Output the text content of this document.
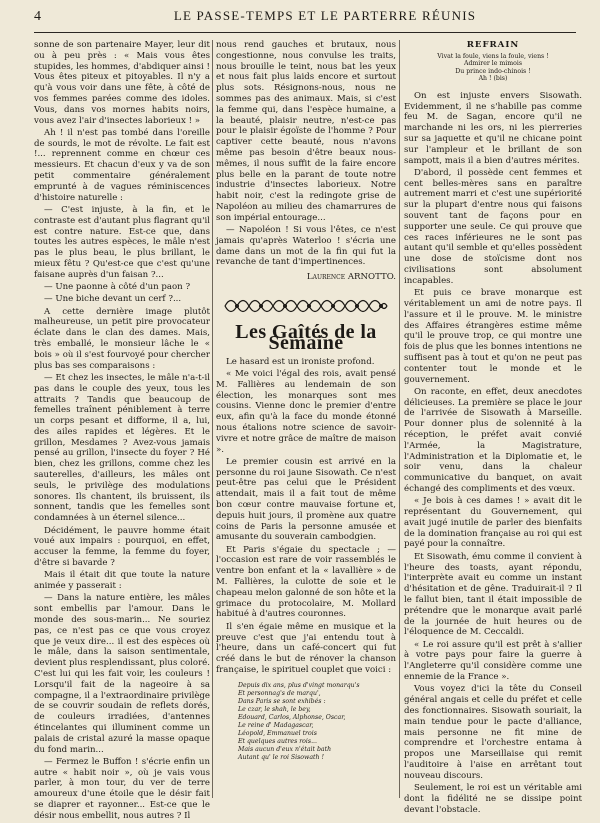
4	LE PASSE-TEMPS ET LE PARTERRE RÉUNIS

sonne de son partenaire Mayer, leur dit ou à peu près : « Mais vous êtes stupides, les hommes, d'abdiquer ainsi ! Vous êtes piteux et pitoyables. Il n'y a qu'à vous voir dans une fête, à côté de vos femmes parées comme des idoles. Vous, dans vos mornes habits noirs, vous avez l'air d'insectes laborieux ! »

Ah ! il n'est pas tombé dans l'oreille de sourds, le mot de révolte. Le fait est !... reprennent comme en chœur ces messieurs. Et chacun d'eux y va de son petit commentaire généralement emprunté à de vagues réminiscences d'histoire naturelle :

— C'est injuste, à la fin, et le contraste est d'autant plus flagrant qu'il est contre nature. Est-ce que, dans toutes les autres espèces, le mâle n'est pas le plus beau, le plus brillant, le mieux fêtu ? Qu'est-ce que c'est qu'une faisane auprès d'un faisan ?...

— Une paonne à côté d'un paon ?

— Une biche devant un cerf ?...

A cette dernière image plutôt malheureuse, un petit pire provocateur éclate dans le clan des dames. Mais, très emballé, le monsieur lâche le « bois » où il s'est fourvoyé pour chercher plus bas ses comparaisons :

— Et chez les insectes, le mâle n'a-t-il pas dans le couple des yeux, tous les attraits ? Tandis que beaucoup de femelles traînent péniblement à terre un corps pesant et difforme, il a, lui, des ailes rapides et légères. Et le grillon, Mesdames ? Avez-vous jamais pensé au grillon, l'insecte du foyer ? Hé bien, chez les grillons, comme chez les sauterelles, d'ailleurs, les mâles ont seuls, le privilège des modulations sonores. Ils chantent, ils bruissent, ils sonnent, tandis que les femelles sont condamnées à un éternel silence...

Décidément, le pauvre homme était voué aux impairs : pourquoi, en effet, accuser la femme, la femme du foyer, d'être si bavarde ?

Mais il était dit que toute la nature animée y passerait :

— Dans la nature entière, les mâles sont embellis par l'amour. Dans le monde des sous-marin... Ne souriez pas, ce n'est pas ce que vous croyez que je veux dire... il est des espèces où le mâle, dans la saison sentimentale, devient plus resplendissant, plus coloré. C'est lui qui les fait voir, les couleurs ! Lorsqu'il fait de la nageoire à sa compagne, il a l'extraordinaire privilège de se couvrir soudain de reflets dorés, de couleurs irradiées, d'antennes étincelantes qui illuminent comme un palais de cristal azuré la masse opaque du fond marin...

— Fermez le Buffon ! s'écrie enfin un autre « habit noir », où je vais vous parler, à mon tour, du ver de terre amoureux d'une étoile que le désir fait se diaprer et rayonner... Est-ce que le désir nous embellit, nous autres ? Il

nous rend gauches et brutaux, nous congestionne, nous convulse les traits, nous brouille le teint, nous bat les yeux et nous fait plus laids encore et surtout plus sots. Résignons-nous, nous ne sommes pas des animaux. Mais, si c'est la femme qui, dans l'espèce humaine, a la beauté, plaisir neutre, n'est-ce pas pour le plaisir égoïste de l'homme ? Pour captiver cette beauté, nous n'avons même pas besoin d'être beaux nous-mêmes, il nous suffit de la faire encore plus belle en la parant de toute notre industrie d'insectes laborieux. Notre habit noir, c'est la redingote grise de Napoléon au milieu des chamarrures de son impérial entourage...

— Napoléon ! Si vous l'êtes, ce n'est jamais qu'après Waterloo ! s'écria une dame dans un mot de la fin qui fut la revanche de tant d'impertinences.

Laurence ARNOTTO.
Les Gaîtés de la Semaine

Le hasard est un ironiste profond.

« Me voici l'égal des rois, avait pensé M. Fallières au lendemain de son élection, les monarques sont mes cousins. Vienne donc le premier d'entre eux, afin qu'à la face du monde étonné nous étalions notre science de savoir-vivre et notre grâce de maître de maison ».

Le premier cousin est arrivé en la personne du roi jaune Sisowath. Ce n'est peut-être pas celui que le Président attendait, mais il a fait tout de même bon cœur contre mauvaise fortune et, depuis huit jours, il promène aux quatre coins de Paris la personne amusée et amusante du souverain cambodgien.

Et Paris s'égaie du spectacle ; — l'occasion est rare de voir rassemblés le ventre bon enfant et la « lavallière » de M. Fallières, la culotte de soie et le chapeau melon galonné de son hôte et la grimace du protocolaire, M. Mollard habitué à d'autres couronnes.

Il s'en égaie même en musique et la preuve c'est que j'ai entendu tout à l'heure, dans un café-concert qui fut créé dans le but de rénover la chanson française, le spirituel couplet que voici :

Depuis dix ans, plus d'vingt monarqu's
Et personnag's de marqu',
Dans Paris se sont exhibés :
Le czar, le shah, le bey,
Edouard, Carlos, Alphonse, Oscar,
Le reine d' Madagascar,
Léopold, Emmanuel trois
Et quelques autres rois...
Mais aucun d'eux n'était bath
Autant qu' le roi Sisowath !
REFRAIN
Vivat la foule, viens la foule, viens !
Admirer le mimois
Du prince indo-chinois !
Ah ! (bis)

On est injuste envers Sisowath. Evidemment, il ne s'habille pas comme feu M. de Sagan, encore qu'il ne marchande ni les ors, ni les pierreries sur sa jaquette et qu'il ne chicane point sur l'ampleur et le brillant de son sampott, mais il a bien d'autres mérites.

D'abord, il possède cent femmes et cent belles-mères sans en paraître autrement marri et c'est une supériorité sur la plupart d'entre nous qui faisons souvent tant de façons pour en supporter une seule. Ce qui prouve que ces races inférieures ne le sont pas autant qu'il semble et qu'elles possèdent une dose de stoïcisme dont nos civilisations sont absolument incapables.

Et puis ce brave monarque est véritablement un ami de notre pays. Il l'assure et il le prouve. M. le ministre des Affaires étrangères estime même qu'il le prouve trop, ce qui montre une fois de plus que les bonnes intentions ne suffisent pas à tout et qu'on ne peut pas contenter tout le monde et le gouvernement.

On raconte, en effet, deux anecdotes délicieuses. La première se place le jour de l'arrivée de Sisowath à Marseille. Pour donner plus de solennité à la réception, le préfet avait convié l'Armée, la Magistrature, l'Administration et la Diplomatie et, le soir venu, dans la chaleur communicative du banquet, on avait échangé des compliments et des vœux.

« Je bois à ces dames ! » avait dit le représentant du Gouvernement, qui avait jugé inutile de parler des bienfaits de la domination française au roi qui est payé pour la connaître.

Et Sisowath, ému comme il convient à l'heure des toasts, ayant répondu, l'interprète avait eu comme un instant d'hésitation et de gêne. Traduirait-il ? Il le fallut bien, tant il était impossible de prétendre que le monarque avait parlé de la journée de huit heures ou de l'éloquence de M. Ceccaldi.

« Le roi assure qu'il est prêt à s'allier à votre pays pour faire la guerre à l'Angleterre qu'il considère comme une ennemie de la France ».

Vous voyez d'ici la tête du Conseil général angais et celle du préfet et celle des fonctionnaires. Sisowath souriait, la main tendue pour le pacte d'alliance, mais personne ne fit mine de comprendre et l'orchestre entama à propos une Marseillaise qui remit l'auditoire à l'aise en arrêtant tout nouveau discours.

Seulement, le roi est un véritable ami dont la fidélité ne se dissipe point devant l'obstacle.
